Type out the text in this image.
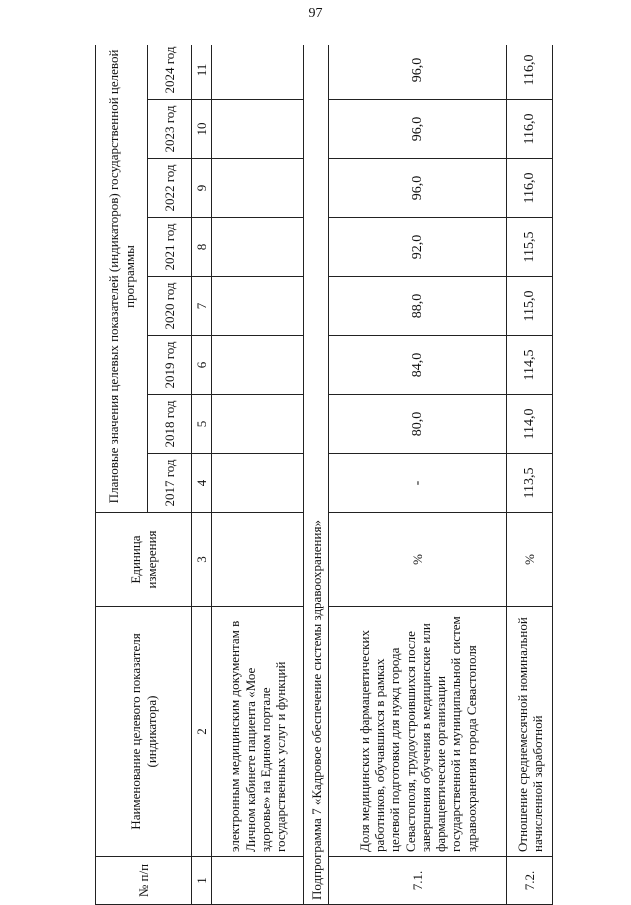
97
№ п/п	Наименование целевого показателя (индикатора)	Единица измерения	Плановые значения целевых показателей (индикаторов) государственной целевой программы							
			2017 год	2018 год	2019 год	2020 год	2021 год	2022 год	2023 год	2024 год
1	2	3	4	5	6	7	8	9	10	11
	электронным медицинским документам в Личном кабинете пациента «Мое здоровье» на Едином портале государственных услуг и функций									
Подпрограмма 7 «Кадровое обеспечение системы здравоохранения»										
7.1.	Доля медицинских и фармацевтических работников, обучавшихся в рамках целевой подготовки для нужд города Севастополя, трудоустроившихся после завершения обучения в медицинские или фармацевтические организации государственной и муниципальной систем здравоохранения города Севастополя	%	-	80,0	84,0	88,0	92,0	96,0	96,0	96,0
7.2.	Отношение среднемесячной номинальной начисленной заработной	%	113,5	114,0	114,5	115,0	115,5	116,0	116,0	116,0
